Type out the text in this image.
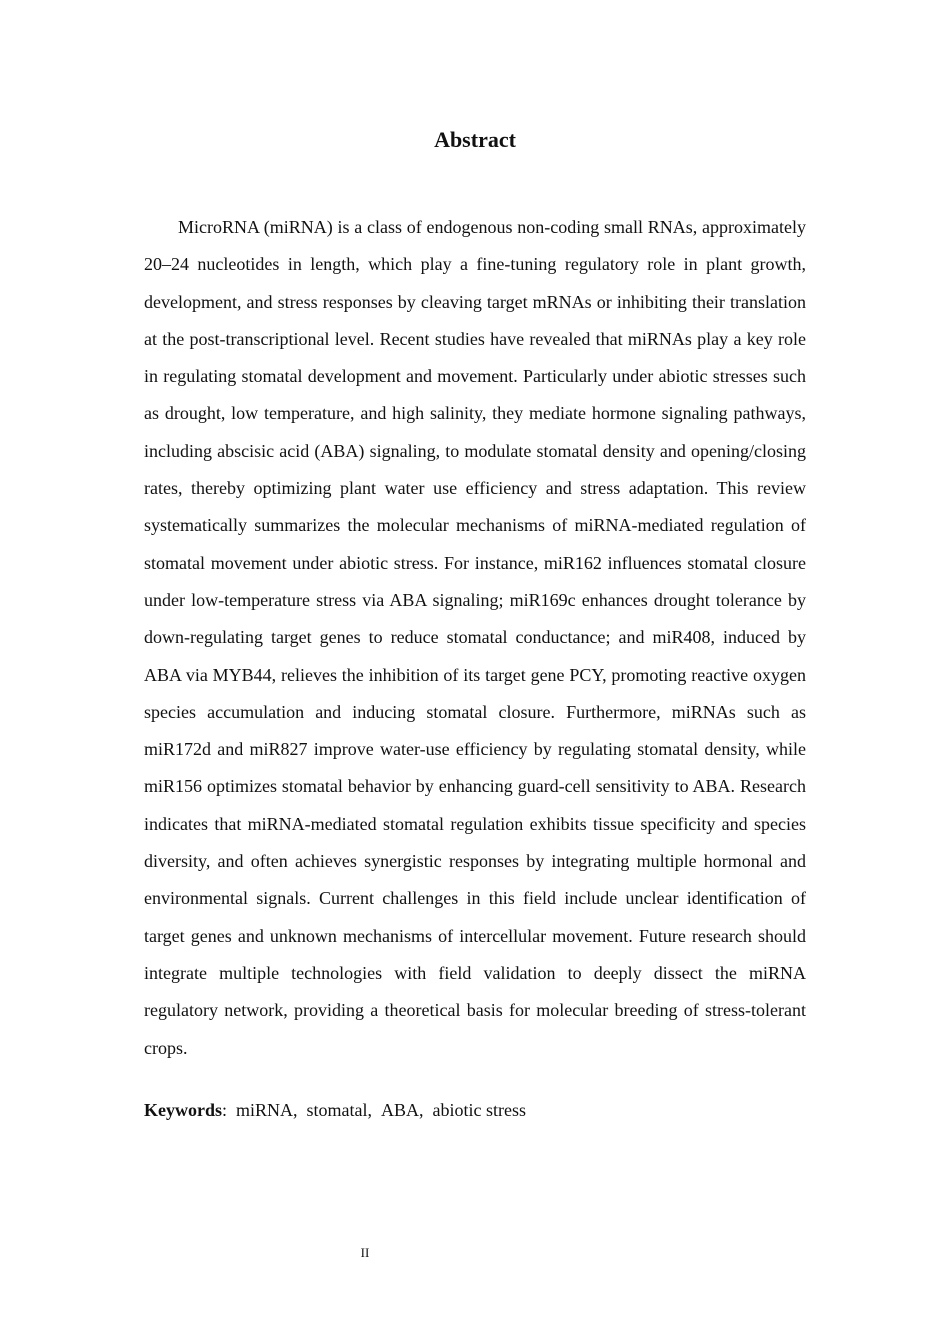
Abstract

MicroRNA (miRNA) is a class of endogenous non-coding small RNAs, approximately 20–24 nucleotides in length, which play a fine-tuning regulatory role in plant growth, development, and stress responses by cleaving target mRNAs or inhibiting their translation at the post-transcriptional level. Recent studies have revealed that miRNAs play a key role in regulating stomatal development and movement. Particularly under abiotic stresses such as drought, low temperature, and high salinity, they mediate hormone signaling pathways, including abscisic acid (ABA) signaling, to modulate stomatal density and opening/closing rates, thereby optimizing plant water use efficiency and stress adaptation. This review systematically summarizes the molecular mechanisms of miRNA-mediated regulation of stomatal movement under abiotic stress. For instance, miR162 influences stomatal closure under low-temperature stress via ABA signaling; miR169c enhances drought tolerance by down-regulating target genes to reduce stomatal conductance; and miR408, induced by ABA via MYB44, relieves the inhibition of its target gene PCY, promoting reactive oxygen species accumulation and inducing stomatal closure. Furthermore, miRNAs such as miR172d and miR827 improve water-use efficiency by regulating stomatal density, while miR156 optimizes stomatal behavior by enhancing guard-cell sensitivity to ABA. Research indicates that miRNA-mediated stomatal regulation exhibits tissue specificity and species diversity, and often achieves synergistic responses by integrating multiple hormonal and environmental signals. Current challenges in this field include unclear identification of target genes and unknown mechanisms of intercellular movement. Future research should integrate multiple technologies with field validation to deeply dissect the miRNA regulatory network, providing a theoretical basis for molecular breeding of stress-tolerant crops.

Keywords: miRNA, stomatal, ABA, abiotic stress

II
